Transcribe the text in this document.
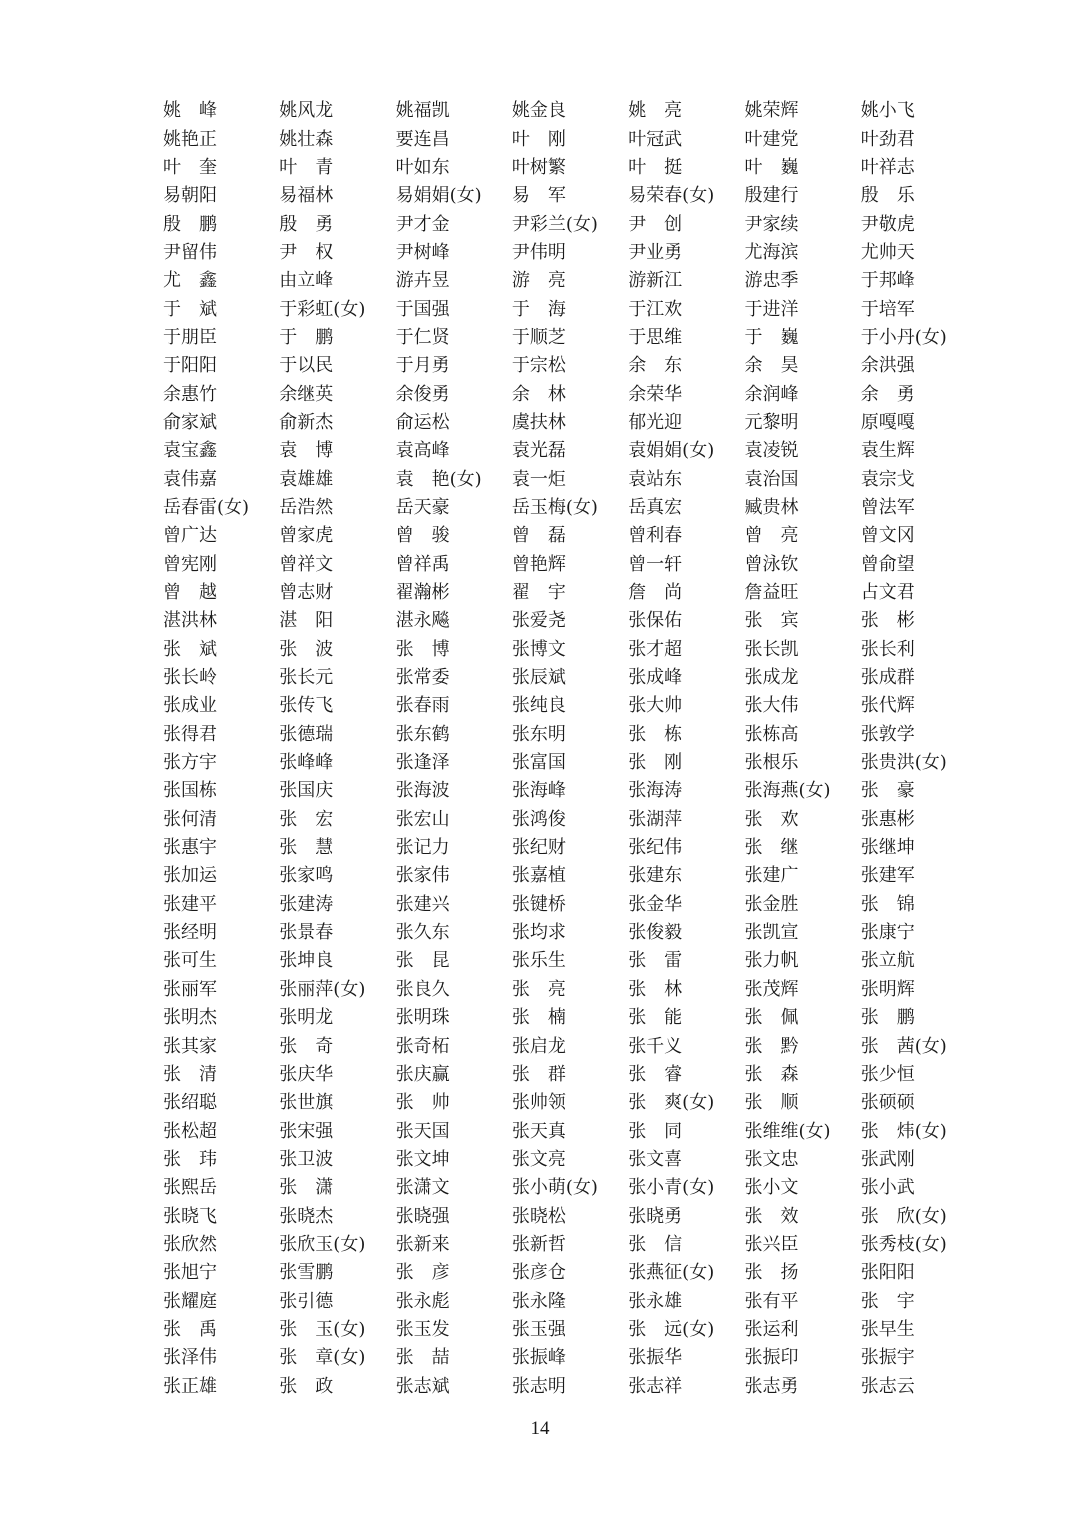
姚　峰	姚风龙	姚福凯	姚金良	姚　亮	姚荣辉	姚小飞
姚艳正	姚壮森	要连昌	叶　刚	叶冠武	叶建党	叶劲君
叶　奎	叶　青	叶如东	叶树繁	叶　挺	叶　巍	叶祥志
易朝阳	易福林	易娟娟(女)	易　军	易荣春(女)	殷建行	殷　乐
殷　鹏	殷　勇	尹才金	尹彩兰(女)	尹　创	尹家续	尹敬虎
尹留伟	尹　权	尹树峰	尹伟明	尹业勇	尤海滨	尤帅天
尤　鑫	由立峰	游卉昱	游　亮	游新江	游忠季	于邦峰
于　斌	于彩虹(女)	于国强	于　海	于江欢	于进洋	于培军
于朋臣	于　鹏	于仁贤	于顺芝	于思维	于　巍	于小丹(女)
于阳阳	于以民	于月勇	于宗松	余　东	余　昊	余洪强
余惠竹	余继英	余俊勇	余　林	余荣华	余润峰	余　勇
俞家斌	俞新杰	俞运松	虞扶林	郁光迎	元黎明	原嘎嘎
袁宝鑫	袁　博	袁高峰	袁光磊	袁娟娟(女)	袁凌锐	袁生辉
袁伟嘉	袁雄雄	袁　艳(女)	袁一炬	袁站东	袁治国	袁宗戈
岳春雷(女)	岳浩然	岳天豪	岳玉梅(女)	岳真宏	臧贵林	曾法军
曾广达	曾家虎	曾　骏	曾　磊	曾利春	曾　亮	曾文冈
曾宪刚	曾祥文	曾祥禹	曾艳辉	曾一轩	曾泳钦	曾俞望
曾　越	曾志财	翟瀚彬	翟　宇	詹　尚	詹益旺	占文君
湛洪林	湛　阳	湛永飚	张爱尧	张保佑	张　宾	张　彬
张　斌	张　波	张　博	张博文	张才超	张长凯	张长利
张长岭	张长元	张常委	张辰斌	张成峰	张成龙	张成群
张成业	张传飞	张春雨	张纯良	张大帅	张大伟	张代辉
张得君	张德瑞	张东鹤	张东明	张　栋	张栋高	张敦学
张方宇	张峰峰	张逢泽	张富国	张　刚	张根乐	张贵洪(女)
张国栋	张国庆	张海波	张海峰	张海涛	张海燕(女)	张　豪
张何清	张　宏	张宏山	张鸿俊	张湖萍	张　欢	张惠彬
张惠宇	张　慧	张记力	张纪财	张纪伟	张　继	张继坤
张加运	张家鸣	张家伟	张嘉植	张建东	张建广	张建军
张建平	张建涛	张建兴	张键桥	张金华	张金胜	张　锦
张经明	张景春	张久东	张均求	张俊毅	张凯宣	张康宁
张可生	张坤良	张　昆	张乐生	张　雷	张力帆	张立航
张丽军	张丽萍(女)	张良久	张　亮	张　林	张茂辉	张明辉
张明杰	张明龙	张明珠	张　楠	张　能	张　佩	张　鹏
张其家	张　奇	张奇柘	张启龙	张千义	张　黔	张　茜(女)
张　清	张庆华	张庆赢	张　群	张　睿	张　森	张少恒
张绍聪	张世旗	张　帅	张帅领	张　爽(女)	张　顺	张硕硕
张松超	张宋强	张天国	张天真	张　同	张维维(女)	张　炜(女)
张　玮	张卫波	张文坤	张文亮	张文喜	张文忠	张武刚
张熙岳	张　潇	张潇文	张小萌(女)	张小青(女)	张小文	张小武
张晓飞	张晓杰	张晓强	张晓松	张晓勇	张　效	张　欣(女)
张欣然	张欣玉(女)	张新来	张新哲	张　信	张兴臣	张秀枝(女)
张旭宁	张雪鹏	张　彦	张彦仓	张燕征(女)	张　扬	张阳阳
张耀庭	张引德	张永彪	张永隆	张永雄	张有平	张　宇
张　禹	张　玉(女)	张玉发	张玉强	张　远(女)	张运利	张早生
张泽伟	张　章(女)	张　喆	张振峰	张振华	张振印	张振宇
张正雄	张　政	张志斌	张志明	张志祥	张志勇	张志云
14
